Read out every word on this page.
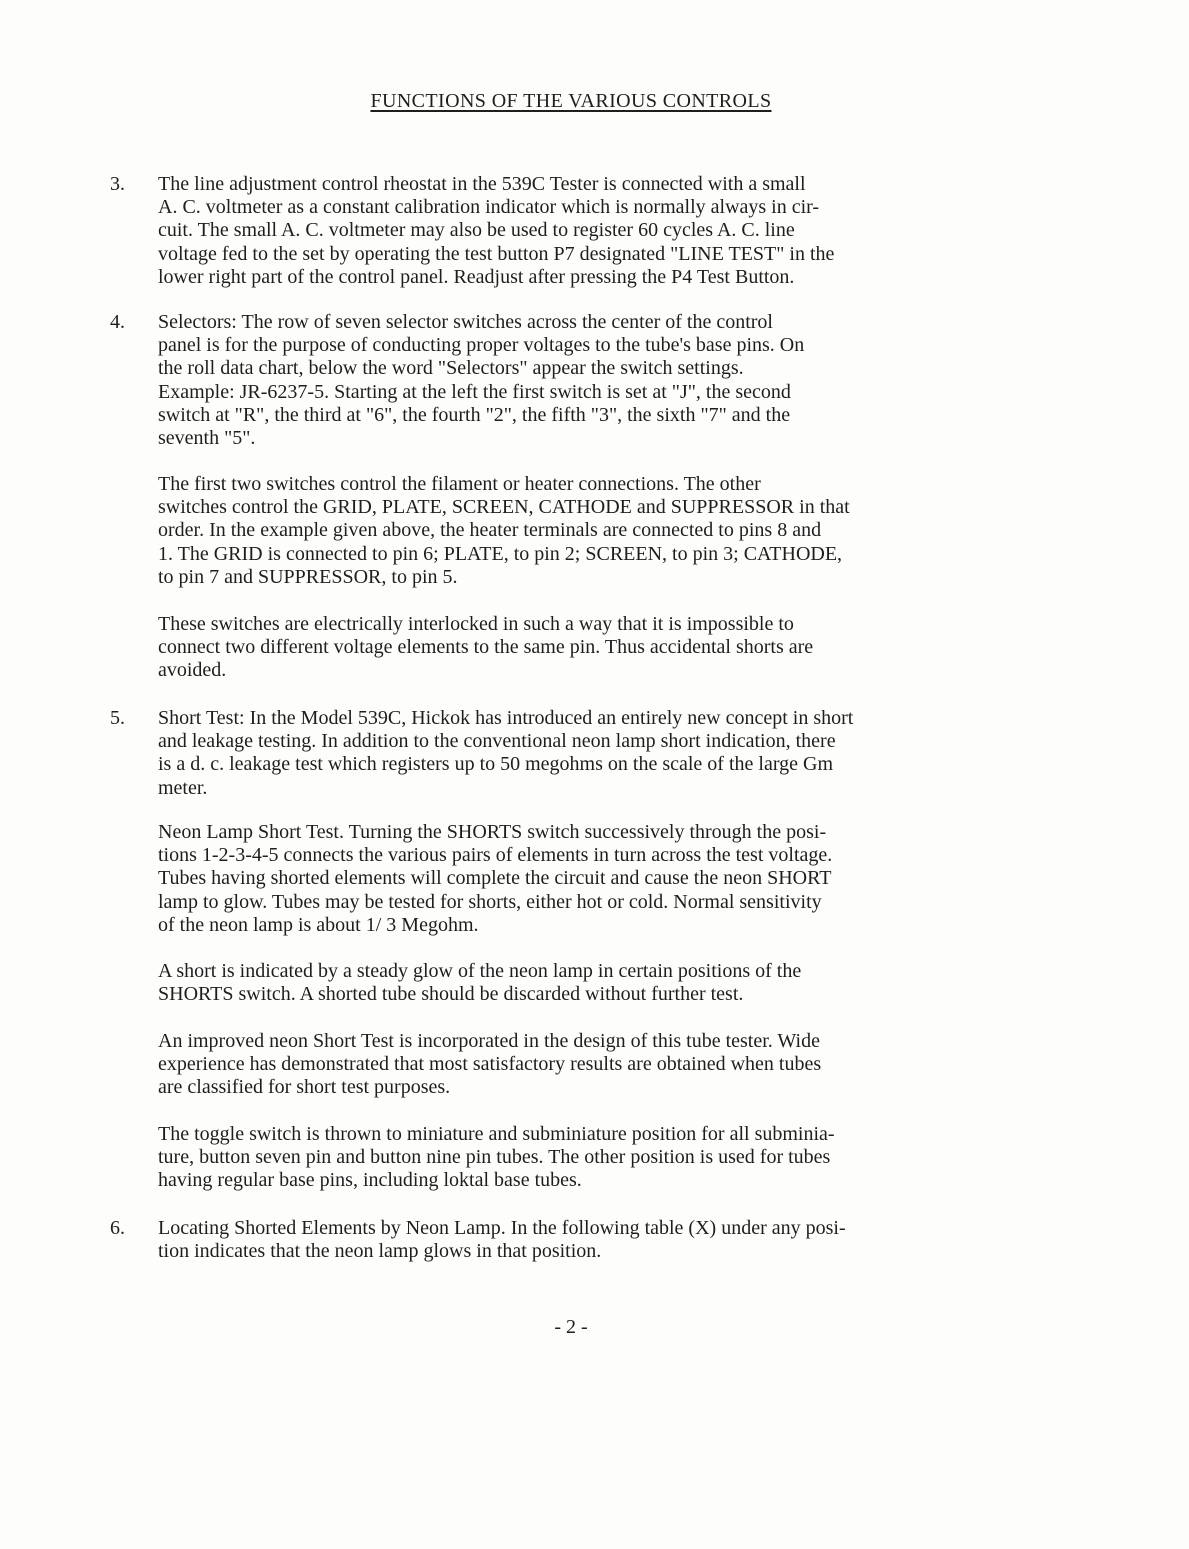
FUNCTIONS OF THE VARIOUS CONTROLS
3. The line adjustment control rheostat in the 539C Tester is connected with a small
A. C. voltmeter as a constant calibration indicator which is normally always in cir-
cuit. The small A. C. voltmeter may also be used to register 60 cycles A. C. line
voltage fed to the set by operating the test button P7 designated "LINE TEST" in the
lower right part of the control panel. Readjust after pressing the P4 Test Button.

4. Selectors: The row of seven selector switches across the center of the control
panel is for the purpose of conducting proper voltages to the tube's base pins. On
the roll data chart, below the word "Selectors" appear the switch settings.
Example: JR-6237-5. Starting at the left the first switch is set at "J", the second
switch at "R", the third at "6", the fourth "2", the fifth "3", the sixth "7" and the
seventh "5".

The first two switches control the filament or heater connections. The other
switches control the GRID, PLATE, SCREEN, CATHODE and SUPPRESSOR in that
order. In the example given above, the heater terminals are connected to pins 8 and
1. The GRID is connected to pin 6; PLATE, to pin 2; SCREEN, to pin 3; CATHODE,
to pin 7 and SUPPRESSOR, to pin 5.

These switches are electrically interlocked in such a way that it is impossible to
connect two different voltage elements to the same pin. Thus accidental shorts are
avoided.

5. Short Test: In the Model 539C, Hickok has introduced an entirely new concept in short
and leakage testing. In addition to the conventional neon lamp short indication, there
is a d. c. leakage test which registers up to 50 megohms on the scale of the large Gm
meter.

Neon Lamp Short Test. Turning the SHORTS switch successively through the posi-
tions 1-2-3-4-5 connects the various pairs of elements in turn across the test voltage.
Tubes having shorted elements will complete the circuit and cause the neon SHORT
lamp to glow. Tubes may be tested for shorts, either hot or cold. Normal sensitivity
of the neon lamp is about 1/ 3 Megohm.

A short is indicated by a steady glow of the neon lamp in certain positions of the
SHORTS switch. A shorted tube should be discarded without further test.

An improved neon Short Test is incorporated in the design of this tube tester. Wide
experience has demonstrated that most satisfactory results are obtained when tubes
are classified for short test purposes.

The toggle switch is thrown to miniature and subminiature position for all subminia-
ture, button seven pin and button nine pin tubes. The other position is used for tubes
having regular base pins, including loktal base tubes.

6. Locating Shorted Elements by Neon Lamp. In the following table (X) under any posi-
tion indicates that the neon lamp glows in that position.

- 2 -
